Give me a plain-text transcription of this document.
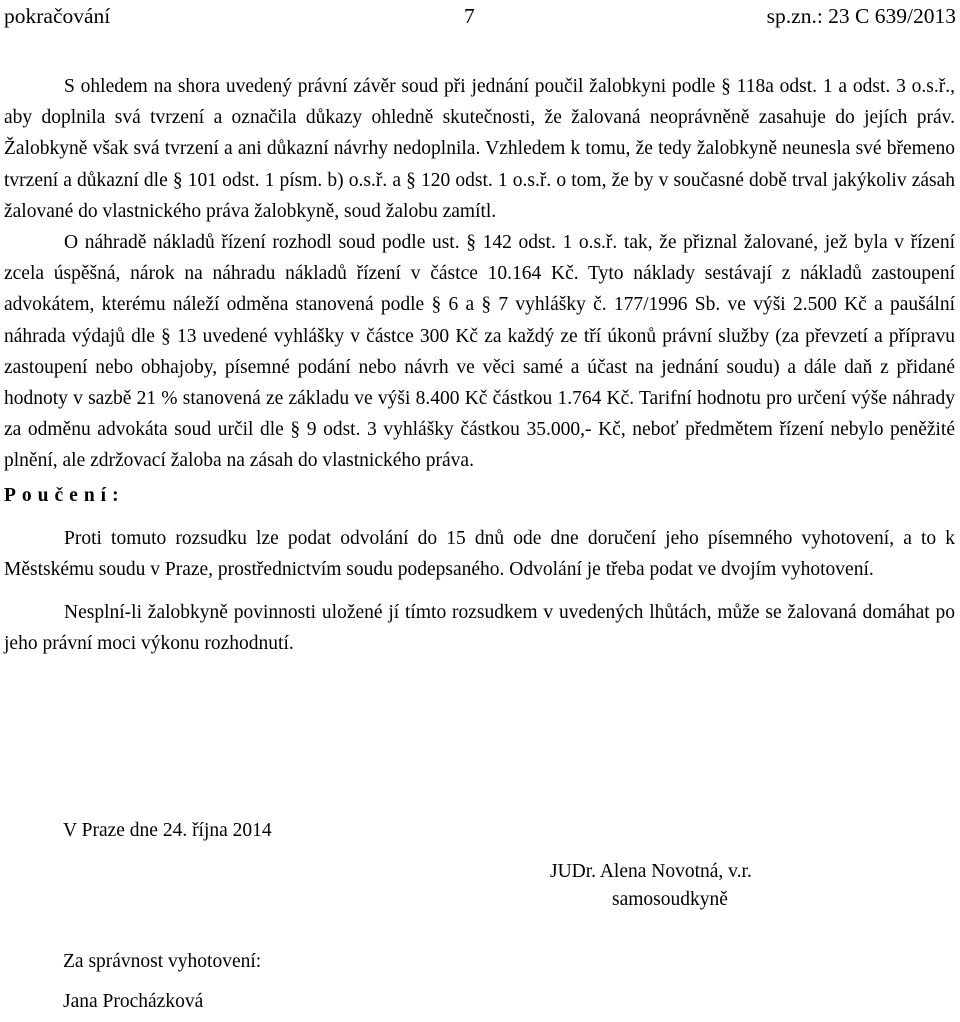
pokračování	7	sp.zn.: 23 C 639/2013

S ohledem na shora uvedený právní závěr soud při jednání poučil žalobkyni podle § 118a odst. 1 a odst. 3 o.s.ř., aby doplnila svá tvrzení a označila důkazy ohledně skutečnosti, že žalovaná neoprávněně zasahuje do jejích práv. Žalobkyně však svá tvrzení a ani důkazní návrhy nedoplnila. Vzhledem k tomu, že tedy žalobkyně neunesla své břemeno tvrzení a důkazní dle § 101 odst. 1 písm. b) o.s.ř. a § 120 odst. 1 o.s.ř. o tom, že by v současné době trval jakýkoliv zásah žalované do vlastnického práva žalobkyně, soud žalobu zamítl.

O náhradě nákladů řízení rozhodl soud podle ust. § 142 odst. 1 o.s.ř. tak, že přiznal žalované, jež byla v řízení zcela úspěšná, nárok na náhradu nákladů řízení v částce 10.164 Kč. Tyto náklady sestávají z nákladů zastoupení advokátem, kterému náleží odměna stanovená podle § 6 a § 7 vyhlášky č. 177/1996 Sb. ve výši 2.500 Kč a paušální náhrada výdajů dle § 13 uvedené vyhlášky v částce 300 Kč za každý ze tří úkonů právní služby (za převzetí a přípravu zastoupení nebo obhajoby, písemné podání nebo návrh ve věci samé a účast na jednání soudu) a dále daň z přidané hodnoty v sazbě 21 % stanovená ze základu ve výši 8.400 Kč částkou 1.764 Kč. Tarifní hodnotu pro určení výše náhrady za odměnu advokáta soud určil dle § 9 odst. 3 vyhlášky částkou 35.000,- Kč, neboť předmětem řízení nebylo peněžité plnění, ale zdržovací žaloba na zásah do vlastnického práva.

Poučení:

Proti tomuto rozsudku lze podat odvolání do 15 dnů ode dne doručení jeho písemného vyhotovení, a to k Městskému soudu v Praze, prostřednictvím soudu podepsaného. Odvolání je třeba podat ve dvojím vyhotovení.

Nesplní-li žalobkyně povinnosti uložené jí tímto rozsudkem v uvedených lhůtách, může se žalovaná domáhat po jeho právní moci výkonu rozhodnutí.

V Praze dne 24. října 2014
JUDr. Alena Novotná, v.r.
samosoudkyně
Za správnost vyhotovení:
Jana Procházková
